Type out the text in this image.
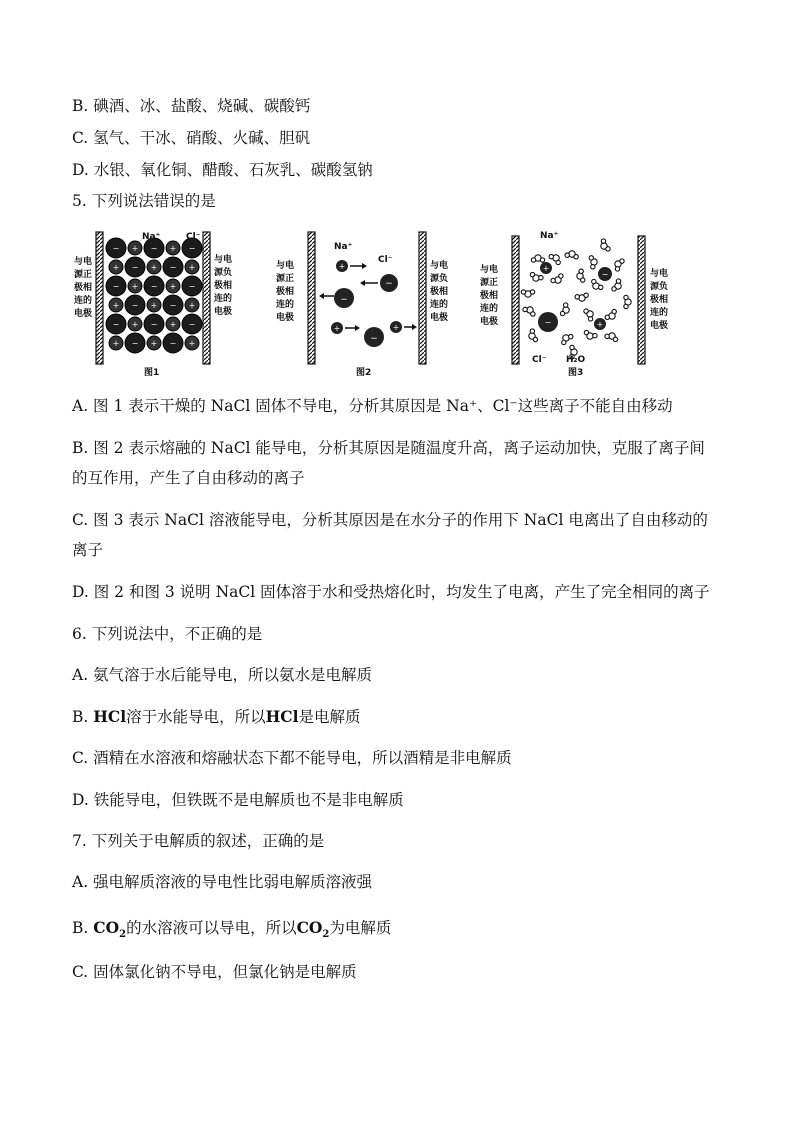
B. 碘酒、冰、盐酸、烧碱、碳酸钙
C. 氢气、干冰、硝酸、火碱、胆矾
D. 水银、氧化铜、醋酸、石灰乳、碳酸氢钠
5. 下列说法错误的是
与电 源正 极相 连的 电极
− + − + −
+ − + − +
− + − + −
+ − + − +
− + − + −
+ − + − +
Na⁺	Cl⁻
与电 源负 极相 连的 电极
图1
与电 源正 极相 连的 电极
Na⁺
+
Cl⁻
−
−
+
−
+
与电 源负 极相 连的 电极
图2
与电 源正 极相 连的 电极
+
−
−	+
Na⁺
Cl⁻ H₂O
与电 源负 极相 连的 电极
图3
A. 图 1 表示干燥的 NaCl 固体不导电，分析其原因是 Na⁺、Cl⁻这些离子不能自由移动
B. 图 2 表示熔融的 NaCl 能导电，分析其原因是随温度升高，离子运动加快，克服了离子间
的互作用，产生了自由移动的离子
C. 图 3 表示 NaCl 溶液能导电，分析其原因是在水分子的作用下 NaCl 电离出了自由移动的
离子
D. 图 2 和图 3 说明 NaCl 固体溶于水和受热熔化时，均发生了电离，产生了完全相同的离子
6. 下列说法中，不正确的是
A. 氨气溶于水后能导电，所以氨水是电解质
B. HCl溶于水能导电，所以HCl是电解质
C. 酒精在水溶液和熔融状态下都不能导电，所以酒精是非电解质
D. 铁能导电，但铁既不是电解质也不是非电解质
7. 下列关于电解质的叙述，正确的是
A. 强电解质溶液的导电性比弱电解质溶液强
B. $CO_2$的水溶液可以导电，所以$CO_2$为电解质
C. 固体氯化钠不导电，但氯化钠是电解质
